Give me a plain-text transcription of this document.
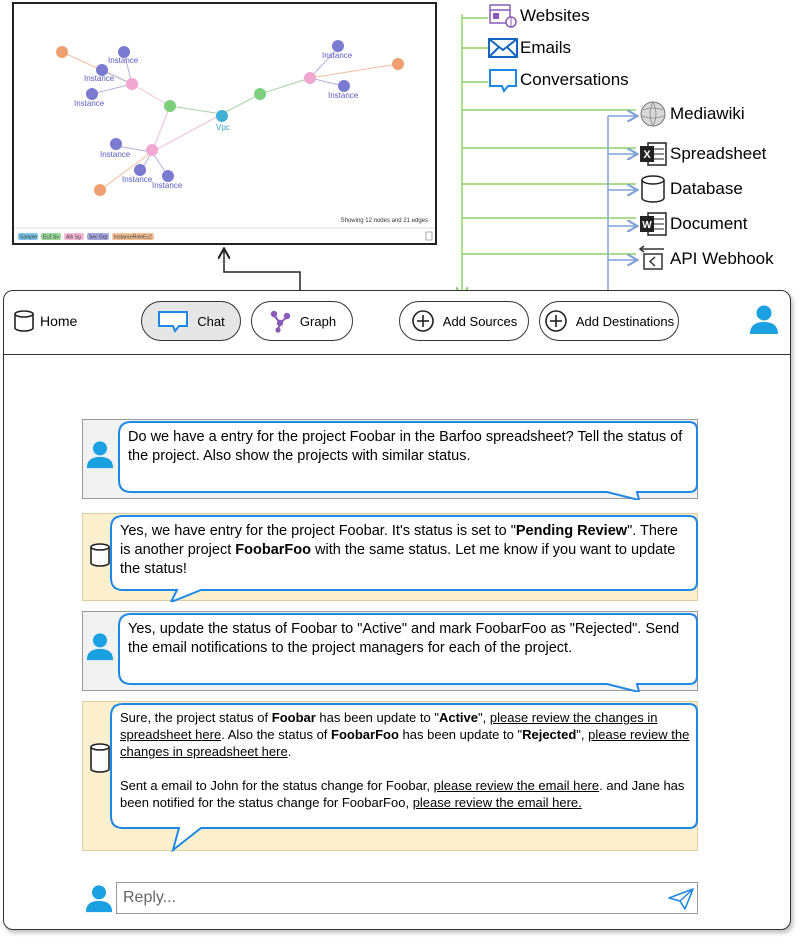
Instance
Instance
Instance
Instance
Instance
Instance
Instance
Instance
Vpc
Showing 12 nodes and 21 edges
Sample Ec2 Sv Alb Sg Sec Grp InstanceRoleEc2
Websites
Emails
Conversations
Mediawiki
X Spreadsheet
Database
W Document
API Webhook
Home	Chat	Graph	Add Sources	Add Destinations
Do we have a entry for the project Foobar in the Barfoo spreadsheet? Tell the status of the project. Also show the projects with similar status.
Yes, we have entry for the project Foobar. It's status is set to "Pending Review". There is another project FoobarFoo with the same status. Let me know if you want to update the status!
Yes, update the status of Foobar to "Active" and mark FoobarFoo as "Rejected". Send the email notifications to the project managers for each of the project.
Sure, the project status of Foobar has been update to "Active", please review the changes in spreadsheet here. Also the status of FoobarFoo has been update to "Rejected", please review the changes in spreadsheet here.

Sent a email to John for the status change for Foobar, please review the email here. and Jane has been notified for the status change for FoobarFoo, please review the email here.
Reply...
